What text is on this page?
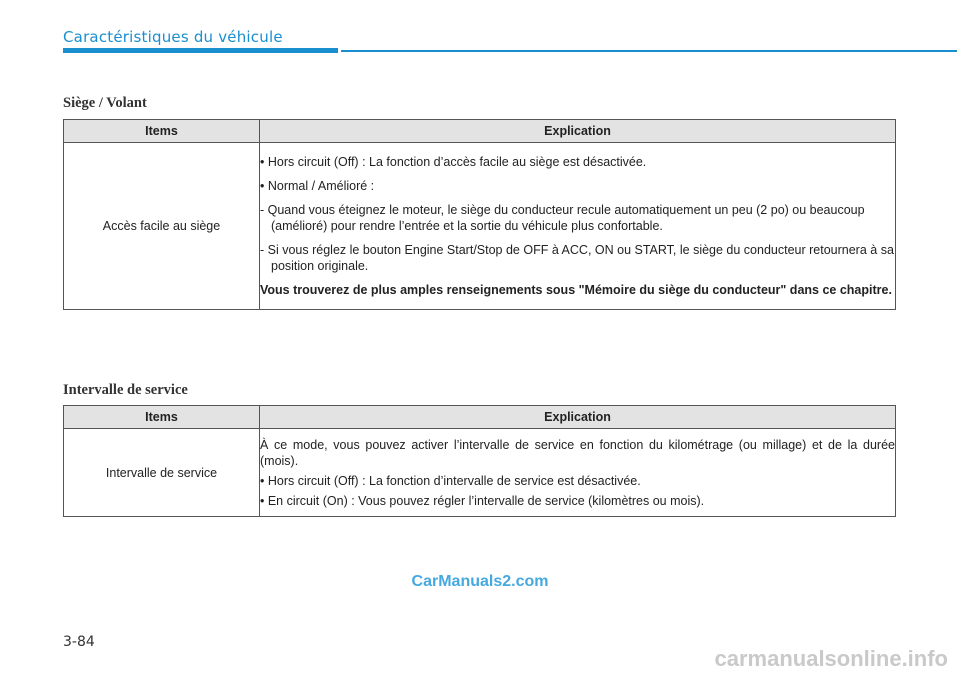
Caractéristiques du véhicule
Siège / Volant
Items	Explication
Accès facile au siège	• Hors circuit (Off) : La fonction d’accès facile au siège est désactivée.

• Normal / Amélioré :

- Quand vous éteignez le moteur, le siège du conducteur recule automatiquement un peu (2 po) ou beaucoup (amélioré) pour rendre l’entrée et la sortie du véhicule plus confortable.

- Si vous réglez le bouton Engine Start/Stop de OFF à ACC, ON ou START, le siège du conducteur retournera à sa position originale.

Vous trouverez de plus amples renseignements sous "Mémoire du siège du conducteur" dans ce chapitre.

Intervalle de service
Items	Explication
Intervalle de service	À ce mode, vous pouvez activer l’intervalle de service en fonction du kilométrage (ou millage) et de la durée (mois).

• Hors circuit (Off) : La fonction d’intervalle de service est désactivée.

• En circuit (On) : Vous pouvez régler l’intervalle de service (kilomètres ou mois).

CarManuals2.com
3-84
carmanualsonline.info
